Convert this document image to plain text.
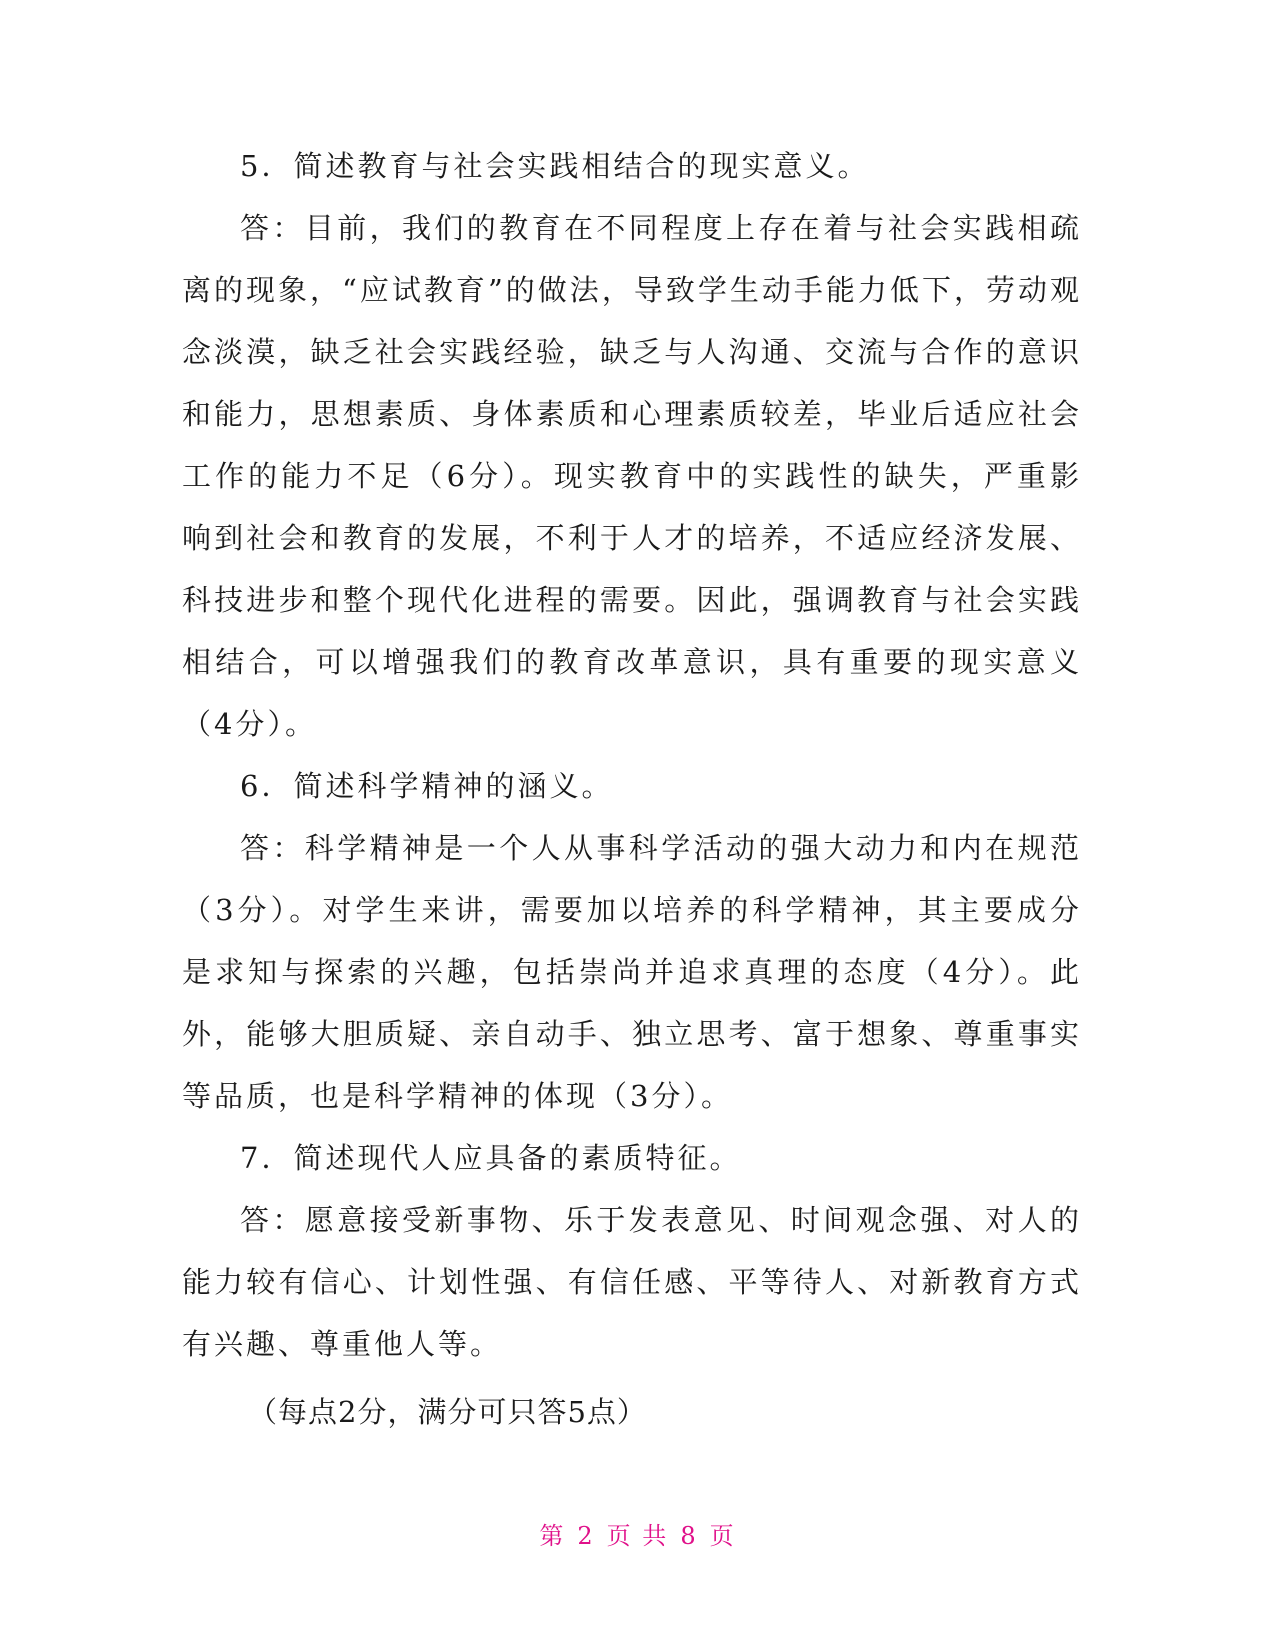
5．简述教育与社会实践相结合的现实意义。

答：目前，我们的教育在不同程度上存在着与社会实践相疏离的现象，“应试教育”的做法，导致学生动手能力低下，劳动观念淡漠，缺乏社会实践经验，缺乏与人沟通、交流与合作的意识和能力，思想素质、身体素质和心理素质较差，毕业后适应社会工作的能力不足（6分）。现实教育中的实践性的缺失，严重影响到社会和教育的发展，不利于人才的培养，不适应经济发展、科技进步和整个现代化进程的需要。因此，强调教育与社会实践相结合，可以增强我们的教育改革意识，具有重要的现实意义（4分）。

6．简述科学精神的涵义。

答：科学精神是一个人从事科学活动的强大动力和内在规范（3分）。对学生来讲，需要加以培养的科学精神，其主要成分是求知与探索的兴趣，包括崇尚并追求真理的态度（4分）。此外，能够大胆质疑、亲自动手、独立思考、富于想象、尊重事实等品质，也是科学精神的体现（3分）。

7．简述现代人应具备的素质特征。

答：愿意接受新事物、乐于发表意见、时间观念强、对人的能力较有信心、计划性强、有信任感、平等待人、对新教育方式有兴趣、尊重他人等。

（每点2分，满分可只答5点）

第 2 页 共 8 页
